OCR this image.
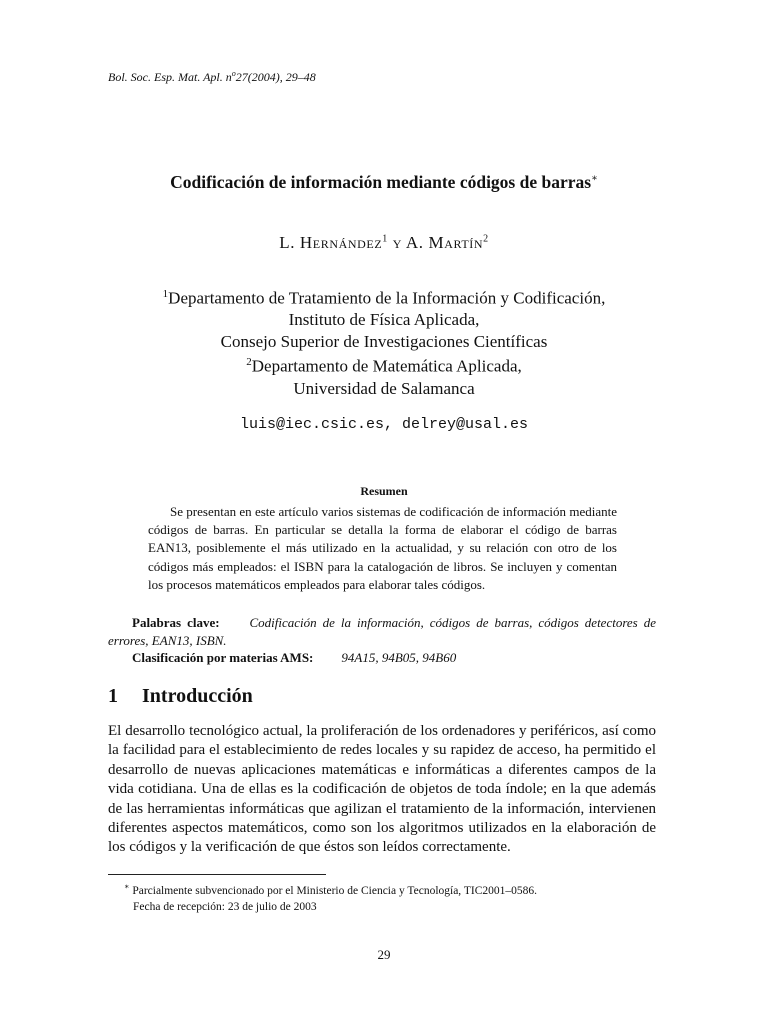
Bol. Soc. Esp. Mat. Apl. $n^o27(2004)$, 29–48
Codificación de información mediante códigos de barras∗
L. Hernández$^1$ y A. Martín$^2$
$^1$Departamento de Tratamiento de la Información y Codificación,
Instituto de Física Aplicada,
Consejo Superior de Investigaciones Científicas
$^2$Departamento de Matemática Aplicada,
Universidad de Salamanca
luis@iec.csic.es, delrey@usal.es
Resumen
Se presentan en este artículo varios sistemas de codificación de información mediante códigos de barras. En particular se detalla la forma de elaborar el código de barras EAN13, posiblemente el más utilizado en la actualidad, y su relación con otro de los códigos más empleados: el ISBN para la catalogación de libros. Se incluyen y comentan los procesos matemáticos empleados para elaborar tales códigos.
Palabras clave: Codificación de la información, códigos de barras, códigos detectores de errores, EAN13, ISBN.
Clasificación por materias AMS: 94A15, 94B05, 94B60
1 Introducción
El desarrollo tecnológico actual, la proliferación de los ordenadores y periféricos, así como la facilidad para el establecimiento de redes locales y su rapidez de acceso, ha permitido el desarrollo de nuevas aplicaciones matemáticas e informáticas a diferentes campos de la vida cotidiana. Una de ellas es la codificación de objetos de toda índole; en la que además de las herramientas informáticas que agilizan el tratamiento de la información, intervienen diferentes aspectos matemáticos, como son los algoritmos utilizados en la elaboración de los códigos y la verificación de que éstos son leídos correctamente.
∗ Parcialmente subvencionado por el Ministerio de Ciencia y Tecnología, TIC2001–0586.
Fecha de recepción: 23 de julio de 2003
29
